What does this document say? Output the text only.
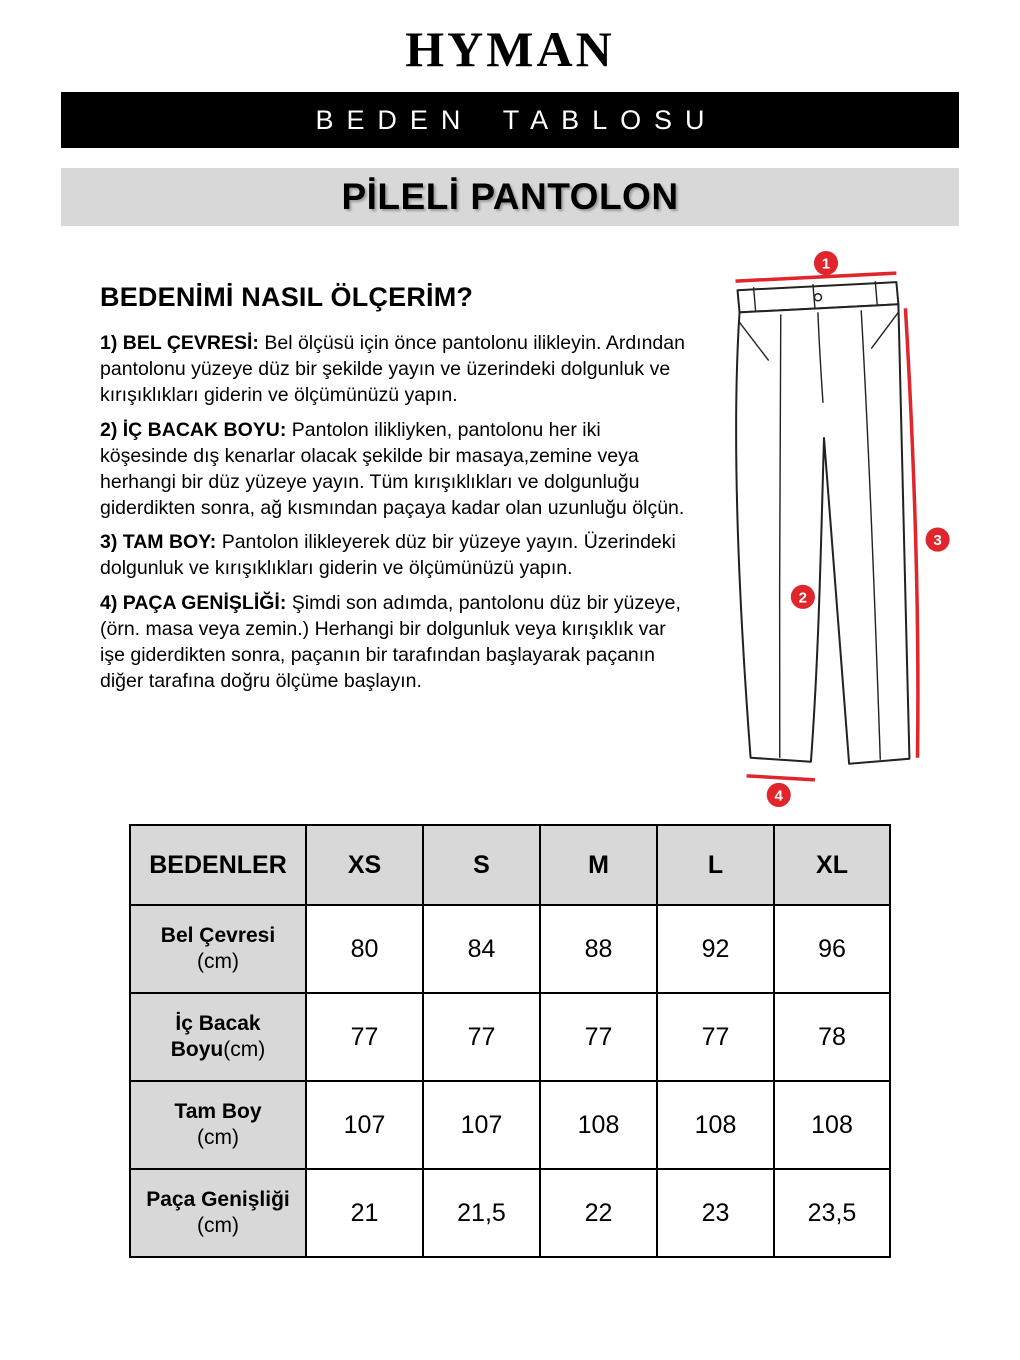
HYMAN
BEDEN TABLOSU
PİLELİ PANTOLON
BEDENİMİ NASIL ÖLÇERİM?
1) BEL ÇEVRESİ: Bel ölçüsü için önce pantolonu ilikleyin. Ardından pantolonu yüzeye düz bir şekilde yayın ve üzerindeki dolgunluk ve kırışıklıkları giderin ve ölçümünüzü yapın.
2) İÇ BACAK BOYU: Pantolon ilikliyken, pantolonu her iki köşesinde dış kenarlar olacak şekilde bir masaya,zemine veya herhangi bir düz yüzeye yayın. Tüm kırışıklıkları ve dolgunluğu giderdikten sonra, ağ kısmından paçaya kadar olan uzunluğu ölçün.
3) TAM BOY: Pantolon ilikleyerek düz bir yüzeye yayın. Üzerindeki dolgunluk ve kırışıklıkları giderin ve ölçümünüzü yapın.
4) PAÇA GENİŞLİĞİ: Şimdi son adımda, pantolonu düz bir yüzeye, (örn. masa veya zemin.) Herhangi bir dolgunluk veya kırışıklık var işe giderdikten sonra, paçanın bir tarafından başlayarak paçanın diğer tarafına doğru ölçüme başlayın.
1
2
3
4
BEDENLER	XS	S	M	L	XL
Bel Çevresi
(cm)	80	84	88	92	96
İç Bacak
Boyu(cm)	77	77	77	77	78
Tam Boy
(cm)	107	107	108	108	108
Paça Genişliği
(cm)	21	21,5	22	23	23,5
